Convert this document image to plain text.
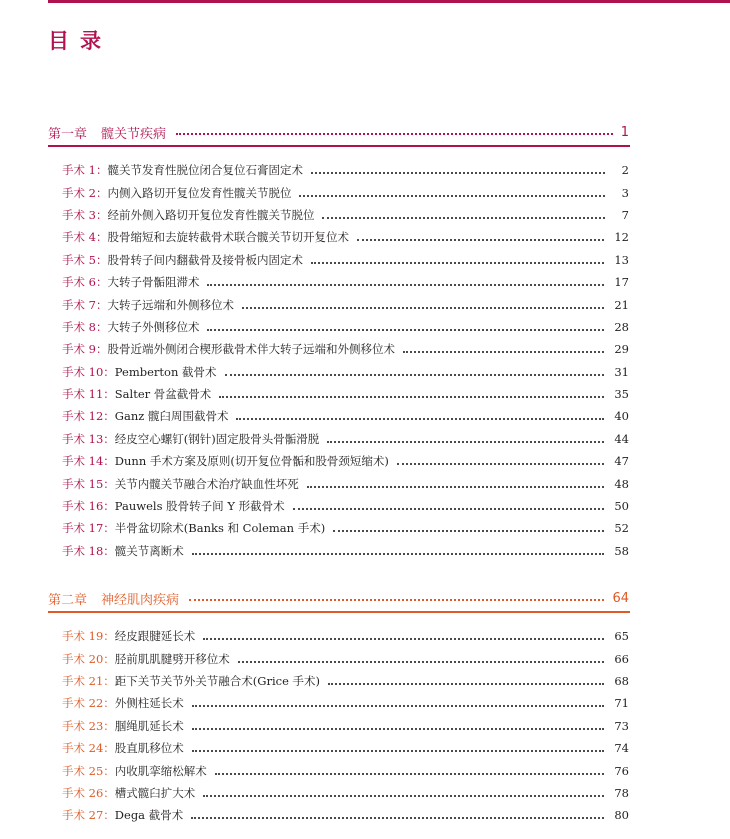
目录
第一章 髋关节疾病	1
手术 1： 髋关节发育性脱位闭合复位石膏固定术	2
手术 2： 内侧入路切开复位发育性髋关节脱位	3
手术 3： 经前外侧入路切开复位发育性髋关节脱位	7
手术 4： 股骨缩短和去旋转截骨术联合髋关节切开复位术	12
手术 5： 股骨转子间内翻截骨及接骨板内固定术	13
手术 6： 大转子骨骺阻滞术	17
手术 7： 大转子远端和外侧移位术	21
手术 8： 大转子外侧移位术	28
手术 9： 股骨近端外侧闭合楔形截骨术伴大转子远端和外侧移位术	29
手术 10： Pemberton 截骨术	31
手术 11： Salter 骨盆截骨术	35
手术 12： Ganz 髋臼周围截骨术	40
手术 13： 经皮空心螺钉(钢针)固定股骨头骨骺滑脱	44
手术 14： Dunn 手术方案及原则(切开复位骨骺和股骨颈短缩术)	47
手术 15： 关节内髋关节融合术治疗缺血性坏死	48
手术 16： Pauwels 股骨转子间 Y 形截骨术	50
手术 17： 半骨盆切除术(Banks 和 Coleman 手术)	52
手术 18： 髋关节离断术	58
第二章 神经肌肉疾病	64
手术 19： 经皮跟腱延长术	65
手术 20： 胫前肌肌腱劈开移位术	66
手术 21： 距下关节关节外关节融合术(Grice 手术)	68
手术 22： 外侧柱延长术	71
手术 23： 腘绳肌延长术	73
手术 24： 股直肌移位术	74
手术 25： 内收肌挛缩松解术	76
手术 26： 槽式髋臼扩大术	78
手术 27： Dega 截骨术	80
